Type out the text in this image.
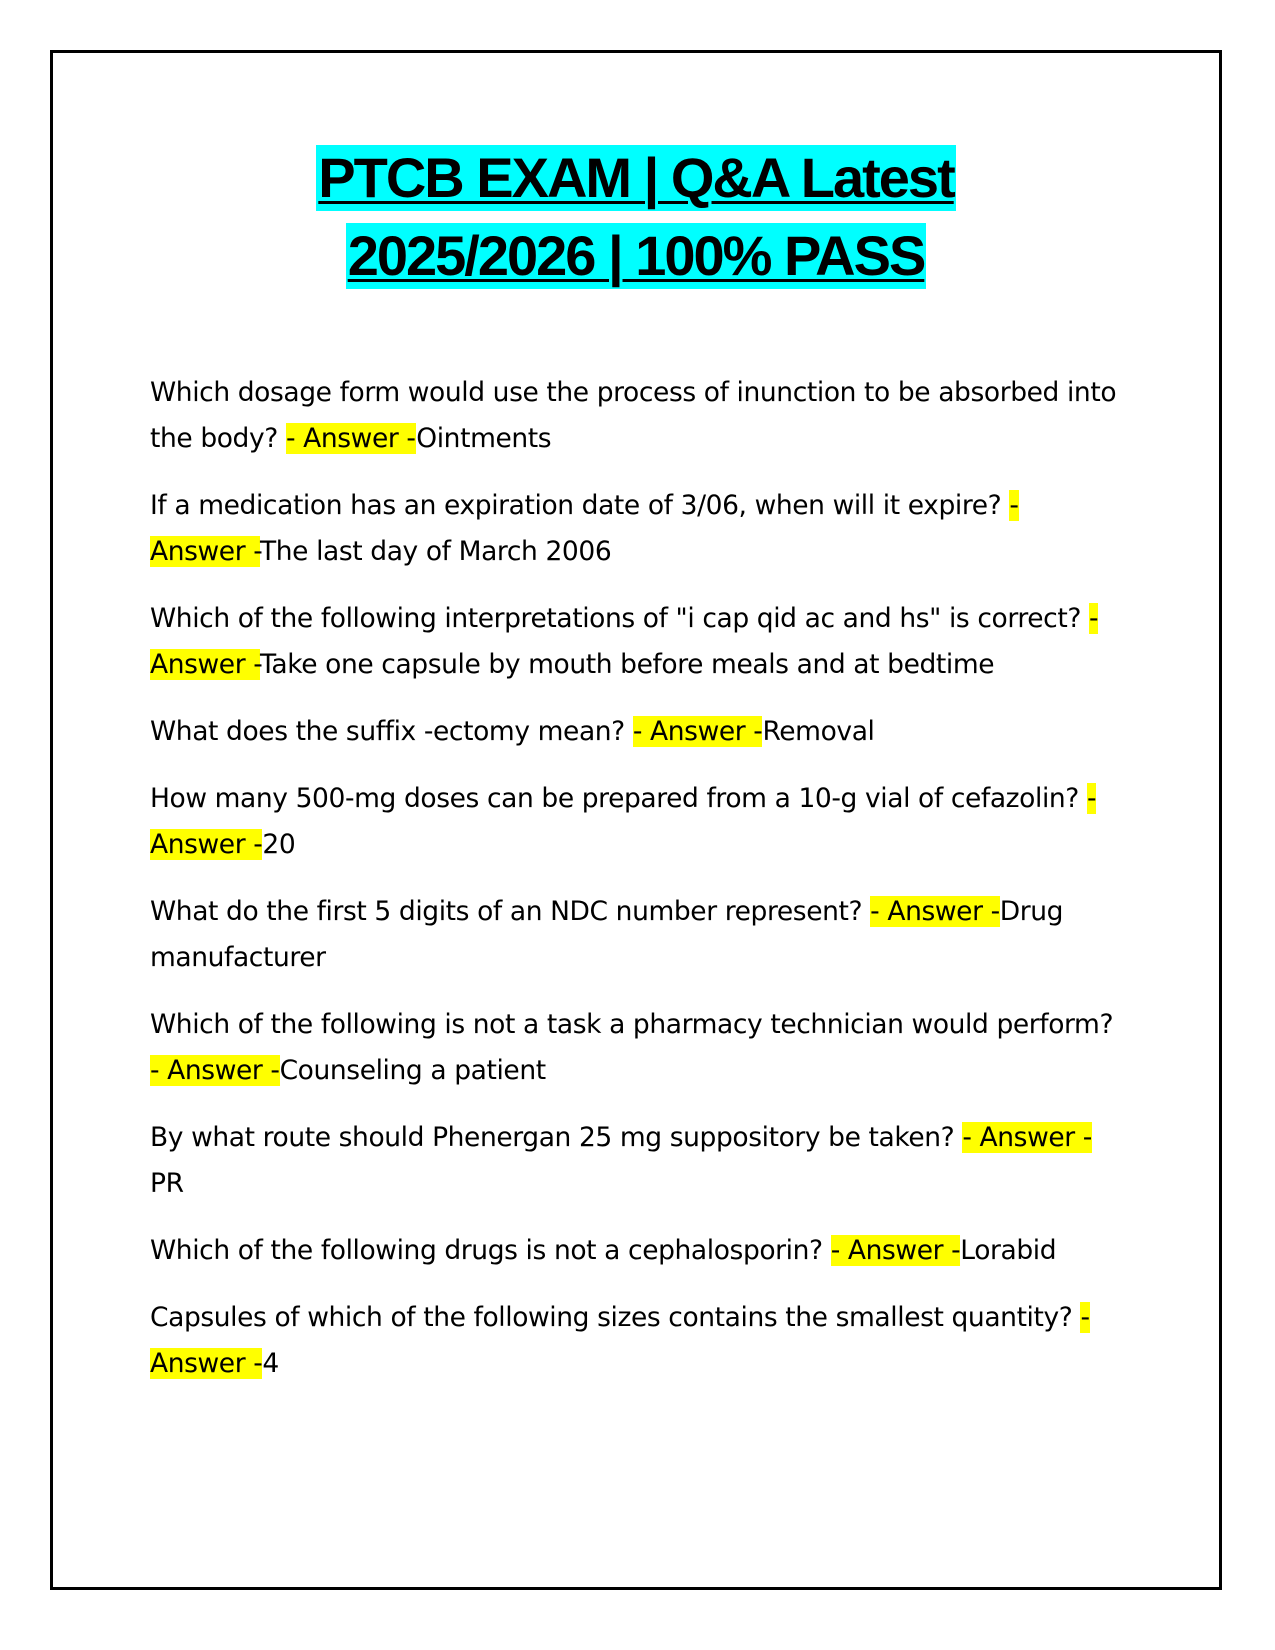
PTCB EXAM | Q&A Latest
2025/2026 | 100% PASS
Which dosage form would use the process of inunction to be absorbed into the body? - Answer -Ointments
If a medication has an expiration date of 3/06, when will it expire? - Answer -The last day of March 2006
Which of the following interpretations of "i cap qid ac and hs" is correct? - Answer -Take one capsule by mouth before meals and at bedtime
What does the suffix -ectomy mean? - Answer -Removal
How many 500-mg doses can be prepared from a 10-g vial of cefazolin? - Answer -20
What do the first 5 digits of an NDC number represent? - Answer -Drug manufacturer
Which of the following is not a task a pharmacy technician would perform? - Answer -Counseling a patient
By what route should Phenergan 25 mg suppository be taken? - Answer -PR
Which of the following drugs is not a cephalosporin? - Answer -Lorabid
Capsules of which of the following sizes contains the smallest quantity? - Answer -4
